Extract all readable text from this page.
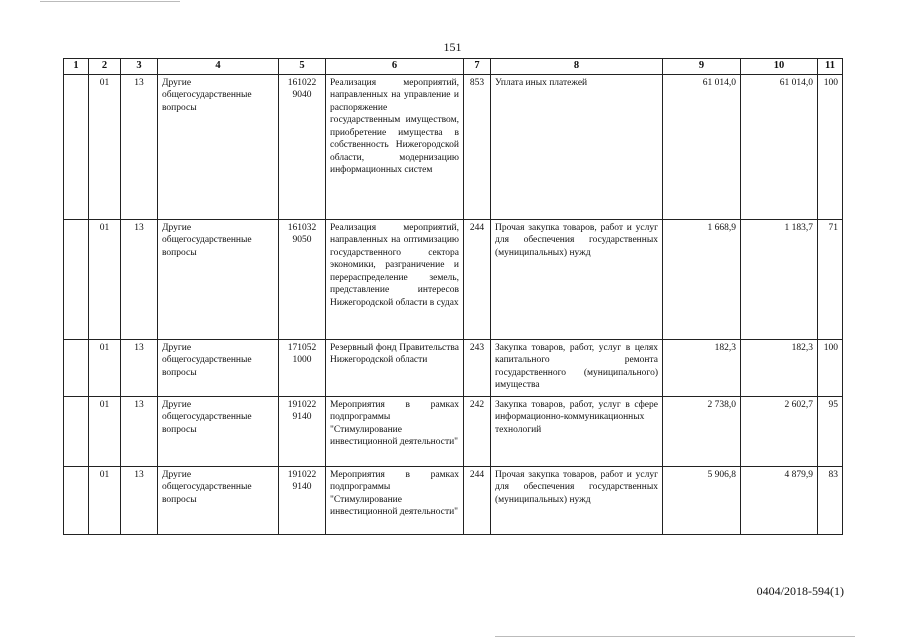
151
1	2	3	4	5	6	7	8	9	10	11
	01	13	Другие общегосударственные вопросы	161022 9040	Реализация мероприятий, направленных на управление и распоряжение государственным имуществом, приобретение имущества в собственность Нижегородской области, модернизацию информационных систем	853	Уплата иных платежей	61 014,0	61 014,0	100
	01	13	Другие общегосударственные вопросы	161032 9050	Реализация мероприятий, направленных на оптимизацию государственного сектора экономики, разграничение и перераспределение земель, представление интересов Нижегородской области в судах	244	Прочая закупка товаров, работ и услуг для обеспечения государственных (муниципальных) нужд	1 668,9	1 183,7	71
	01	13	Другие общегосударственные вопросы	171052 1000	Резервный фонд Правительства Нижегородской области	243	Закупка товаров, работ, услуг в целях капитального ремонта государственного (муниципального) имущества	182,3	182,3	100
	01	13	Другие общегосударственные вопросы	191022 9140	Мероприятия в рамках подпрограммы "Стимулирование инвестиционной деятельности"	242	Закупка товаров, работ, услуг в сфере информационно-коммуникационных технологий	2 738,0	2 602,7	95
	01	13	Другие общегосударственные вопросы	191022 9140	Мероприятия в рамках подпрограммы "Стимулирование инвестиционной деятельности"	244	Прочая закупка товаров, работ и услуг для обеспечения государственных (муниципальных) нужд	5 906,8	4 879,9	83
0404/2018-594(1)
